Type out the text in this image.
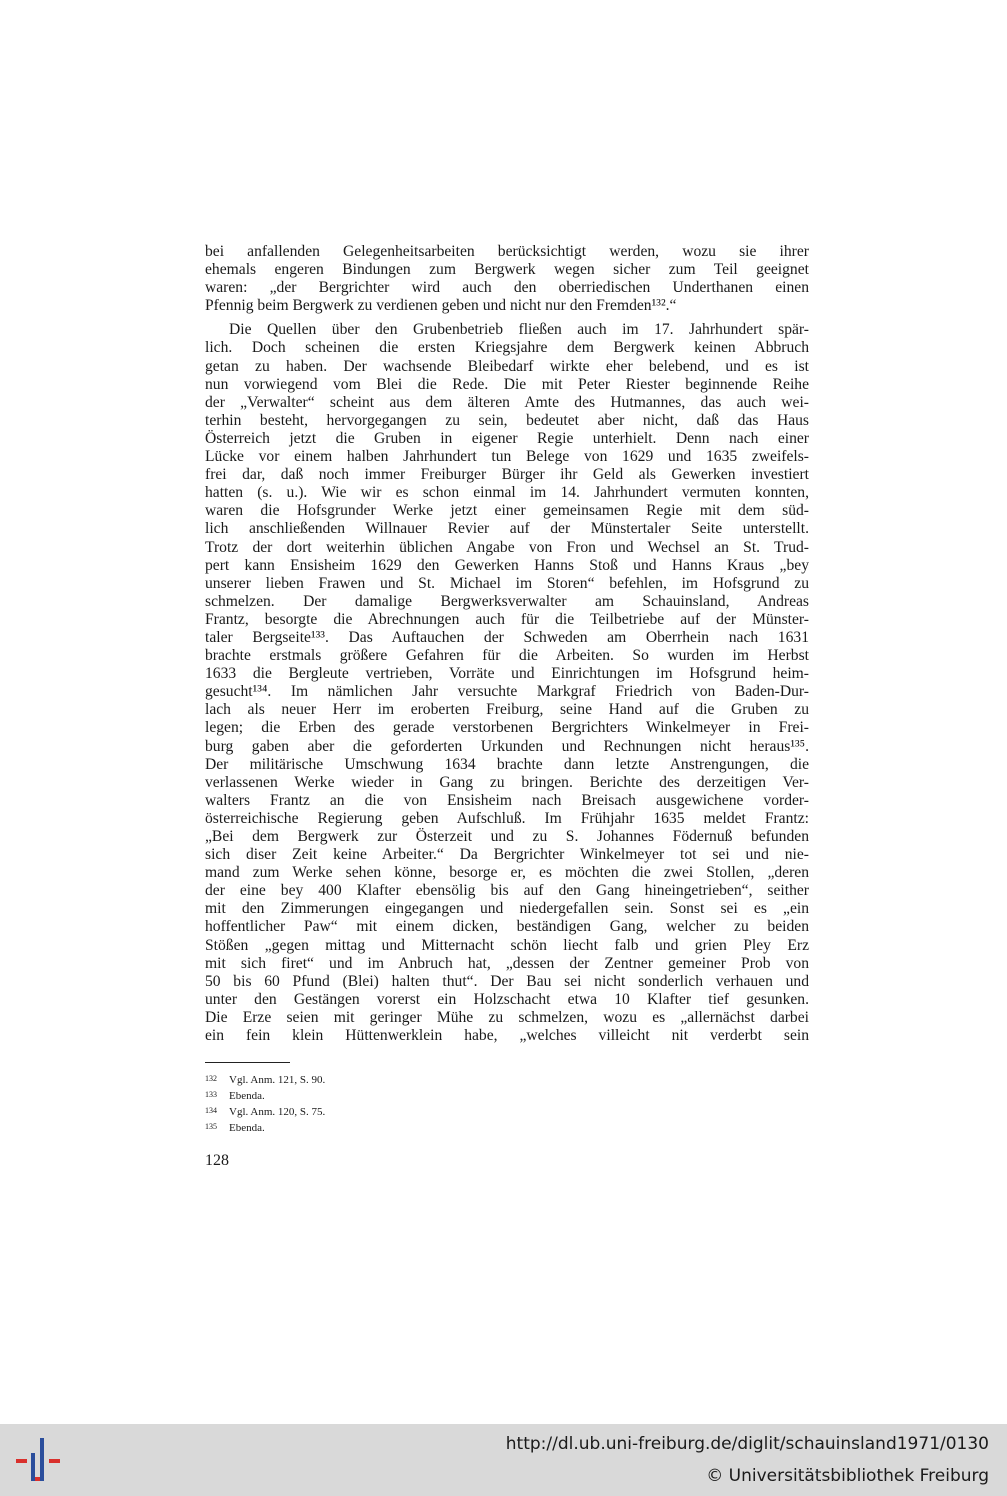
bei anfallenden Gelegenheitsarbeiten berücksichtigt werden, wozu sie ihrer
ehemals engeren Bindungen zum Bergwerk wegen sicher zum Teil geeignet
waren: „der Bergrichter wird auch den oberriedischen Underthanen einen
Pfennig beim Bergwerk zu verdienen geben und nicht nur den Fremden¹³².“
Die Quellen über den Grubenbetrieb fließen auch im 17. Jahrhundert spär-
lich. Doch scheinen die ersten Kriegsjahre dem Bergwerk keinen Abbruch
getan zu haben. Der wachsende Bleibedarf wirkte eher belebend, und es ist
nun vorwiegend vom Blei die Rede. Die mit Peter Riester beginnende Reihe
der „Verwalter“ scheint aus dem älteren Amte des Hutmannes, das auch wei-
terhin besteht, hervorgegangen zu sein, bedeutet aber nicht, daß das Haus
Österreich jetzt die Gruben in eigener Regie unterhielt. Denn nach einer
Lücke vor einem halben Jahrhundert tun Belege von 1629 und 1635 zweifels-
frei dar, daß noch immer Freiburger Bürger ihr Geld als Gewerken investiert
hatten (s. u.). Wie wir es schon einmal im 14. Jahrhundert vermuten konnten,
waren die Hofsgrunder Werke jetzt einer gemeinsamen Regie mit dem süd-
lich anschließenden Willnauer Revier auf der Münstertaler Seite unterstellt.
Trotz der dort weiterhin üblichen Angabe von Fron und Wechsel an St. Trud-
pert kann Ensisheim 1629 den Gewerken Hanns Stoß und Hanns Kraus „bey
unserer lieben Frawen und St. Michael im Storen“ befehlen, im Hofsgrund zu
schmelzen. Der damalige Bergwerksverwalter am Schauinsland, Andreas
Frantz, besorgte die Abrechnungen auch für die Teilbetriebe auf der Münster-
taler Bergseite¹³³. Das Auftauchen der Schweden am Oberrhein nach 1631
brachte erstmals größere Gefahren für die Arbeiten. So wurden im Herbst
1633 die Bergleute vertrieben, Vorräte und Einrichtungen im Hofsgrund heim-
gesucht¹³⁴. Im nämlichen Jahr versuchte Markgraf Friedrich von Baden-Dur-
lach als neuer Herr im eroberten Freiburg, seine Hand auf die Gruben zu
legen; die Erben des gerade verstorbenen Bergrichters Winkelmeyer in Frei-
burg gaben aber die geforderten Urkunden und Rechnungen nicht heraus¹³⁵.
Der militärische Umschwung 1634 brachte dann letzte Anstrengungen, die
verlassenen Werke wieder in Gang zu bringen. Berichte des derzeitigen Ver-
walters Frantz an die von Ensisheim nach Breisach ausgewichene vorder-
österreichische Regierung geben Aufschluß. Im Frühjahr 1635 meldet Frantz:
„Bei dem Bergwerk zur Österzeit und zu S. Johannes Födernuß befunden
sich diser Zeit keine Arbeiter.“ Da Bergrichter Winkelmeyer tot sei und nie-
mand zum Werke sehen könne, besorge er, es möchten die zwei Stollen, „deren
der eine bey 400 Klafter ebensölig bis auf den Gang hineingetrieben“, seither
mit den Zimmerungen eingegangen und niedergefallen sein. Sonst sei es „ein
hoffentlicher Paw“ mit einem dicken, beständigen Gang, welcher zu beiden
Stößen „gegen mittag und Mitternacht schön liecht falb und grien Pley Erz
mit sich firet“ und im Anbruch hat, „dessen der Zentner gemeiner Prob von
50 bis 60 Pfund (Blei) halten thut“. Der Bau sei nicht sonderlich verhauen und
unter den Gestängen vorerst ein Holzschacht etwa 10 Klafter tief gesunken.
Die Erze seien mit geringer Mühe zu schmelzen, wozu es „allernächst darbei
ein fein klein Hüttenwerklein habe, „welches villeicht nit verderbt sein
132 Vgl. Anm. 121, S. 90.
133 Ebenda.
134 Vgl. Anm. 120, S. 75.
135 Ebenda.
128
http://dl.ub.uni-freiburg.de/diglit/schauinsland1971/0130
© Universitätsbibliothek Freiburg
